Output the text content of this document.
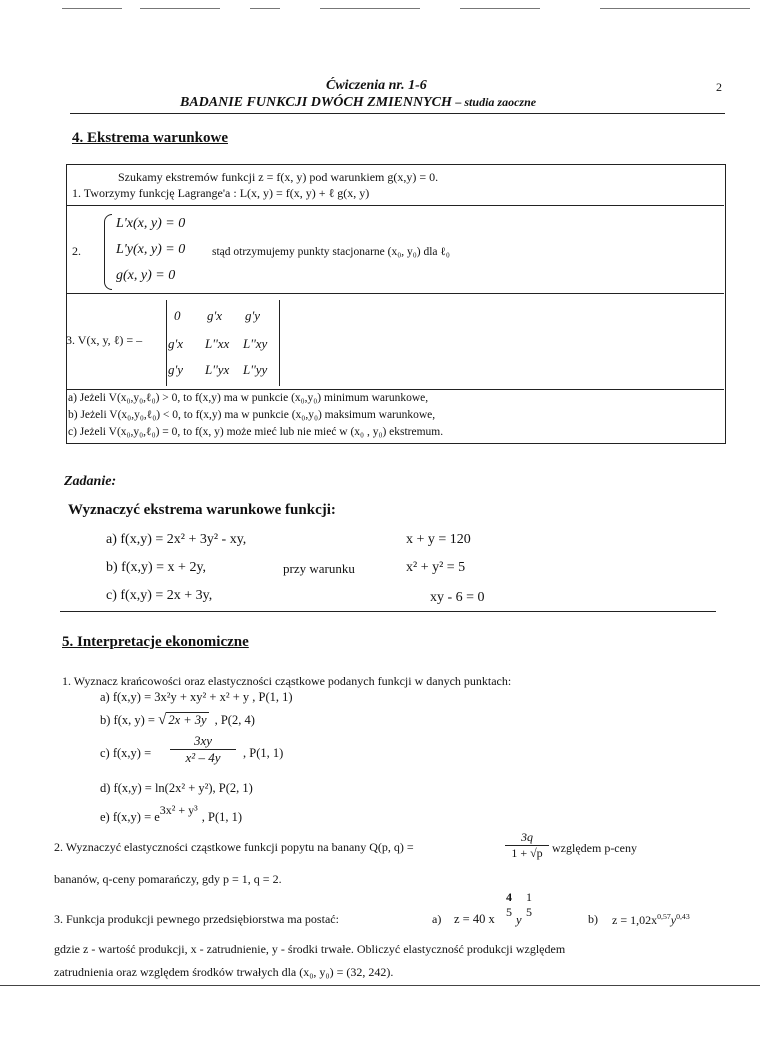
Ćwiczenia nr. 1-6	2
BADANIE FUNKCJI DWÓCH ZMIENNYCH – studia zaoczne
4. Ekstrema warunkowe
Szukamy ekstremów funkcji z = f(x, y) pod warunkiem g(x,y) = 0.
1. Tworzymy funkcję Lagrange'a : L(x, y) = f(x, y) + ℓ g(x, y)
2.
L'x(x, y) = 0
L'y(x, y) = 0
g(x, y) = 0
stąd otrzymujemy punkty stacjonarne (x₀, y₀) dla ℓ₀
3. V(x, y, ℓ) = –
0 g'x g'y
g'x L''xx L''xy
g'y L''yx L''yy
a) Jeżeli V(x₀,y₀,ℓ₀) > 0, to f(x,y) ma w punkcie (x₀,y₀) minimum warunkowe,
b) Jeżeli V(x₀,y₀,ℓ₀) < 0, to f(x,y) ma w punkcie (x₀,y₀) maksimum warunkowe,
c) Jeżeli V(x₀,y₀,ℓ₀) = 0, to f(x, y) może mieć lub nie mieć w (x₀ , y₀) ekstremum.
Zadanie:
Wyznaczyć ekstrema warunkowe funkcji:
a) f(x,y) = 2x² + 3y² - xy,	x + y = 120
b) f(x,y) = x + 2y,	przy warunku	x² + y² = 5
c) f(x,y) = 2x + 3y,	xy - 6 = 0
5. Interpretacje ekonomiczne
1. Wyznacz krańcowości oraz elastyczności cząstkowe podanych funkcji w danych punktach:
a) f(x,y) = 3x²y + xy² + x² + y , P(1, 1)
b) f(x, y) = √ 2x + 3y , P(2, 4)
c) $f(x,y) = \frac{3xy}{\text{x² – 4y}}$ , P(1, 1)
d) f(x,y) = ln(2x² + y²), P(2, 1)
e) $f(x,y) = e^{3x^2 + y^3}$ , P(1, 1)
2. Wyznaczyć elastyczności cząstkowe funkcji popytu na banany Q(p, q) =	$\frac{3q}{1 + √p}$ względem p-ceny
bananów, q-ceny pomarańczy, gdy p = 1, q = 2.
3. Funkcja produkcji pewnego przedsiębiorstwa ma postać:	a) z = 40 x
4
5
y
1
5	b) $z = 1,02x^{0,57}y^{0,43}$
gdzie z - wartość produkcji, x - zatrudnienie, y - środki trwałe. Obliczyć elastyczność produkcji względem
zatrudnienia oraz względem środków trwałych dla (x₀, y₀) = (32, 242).
